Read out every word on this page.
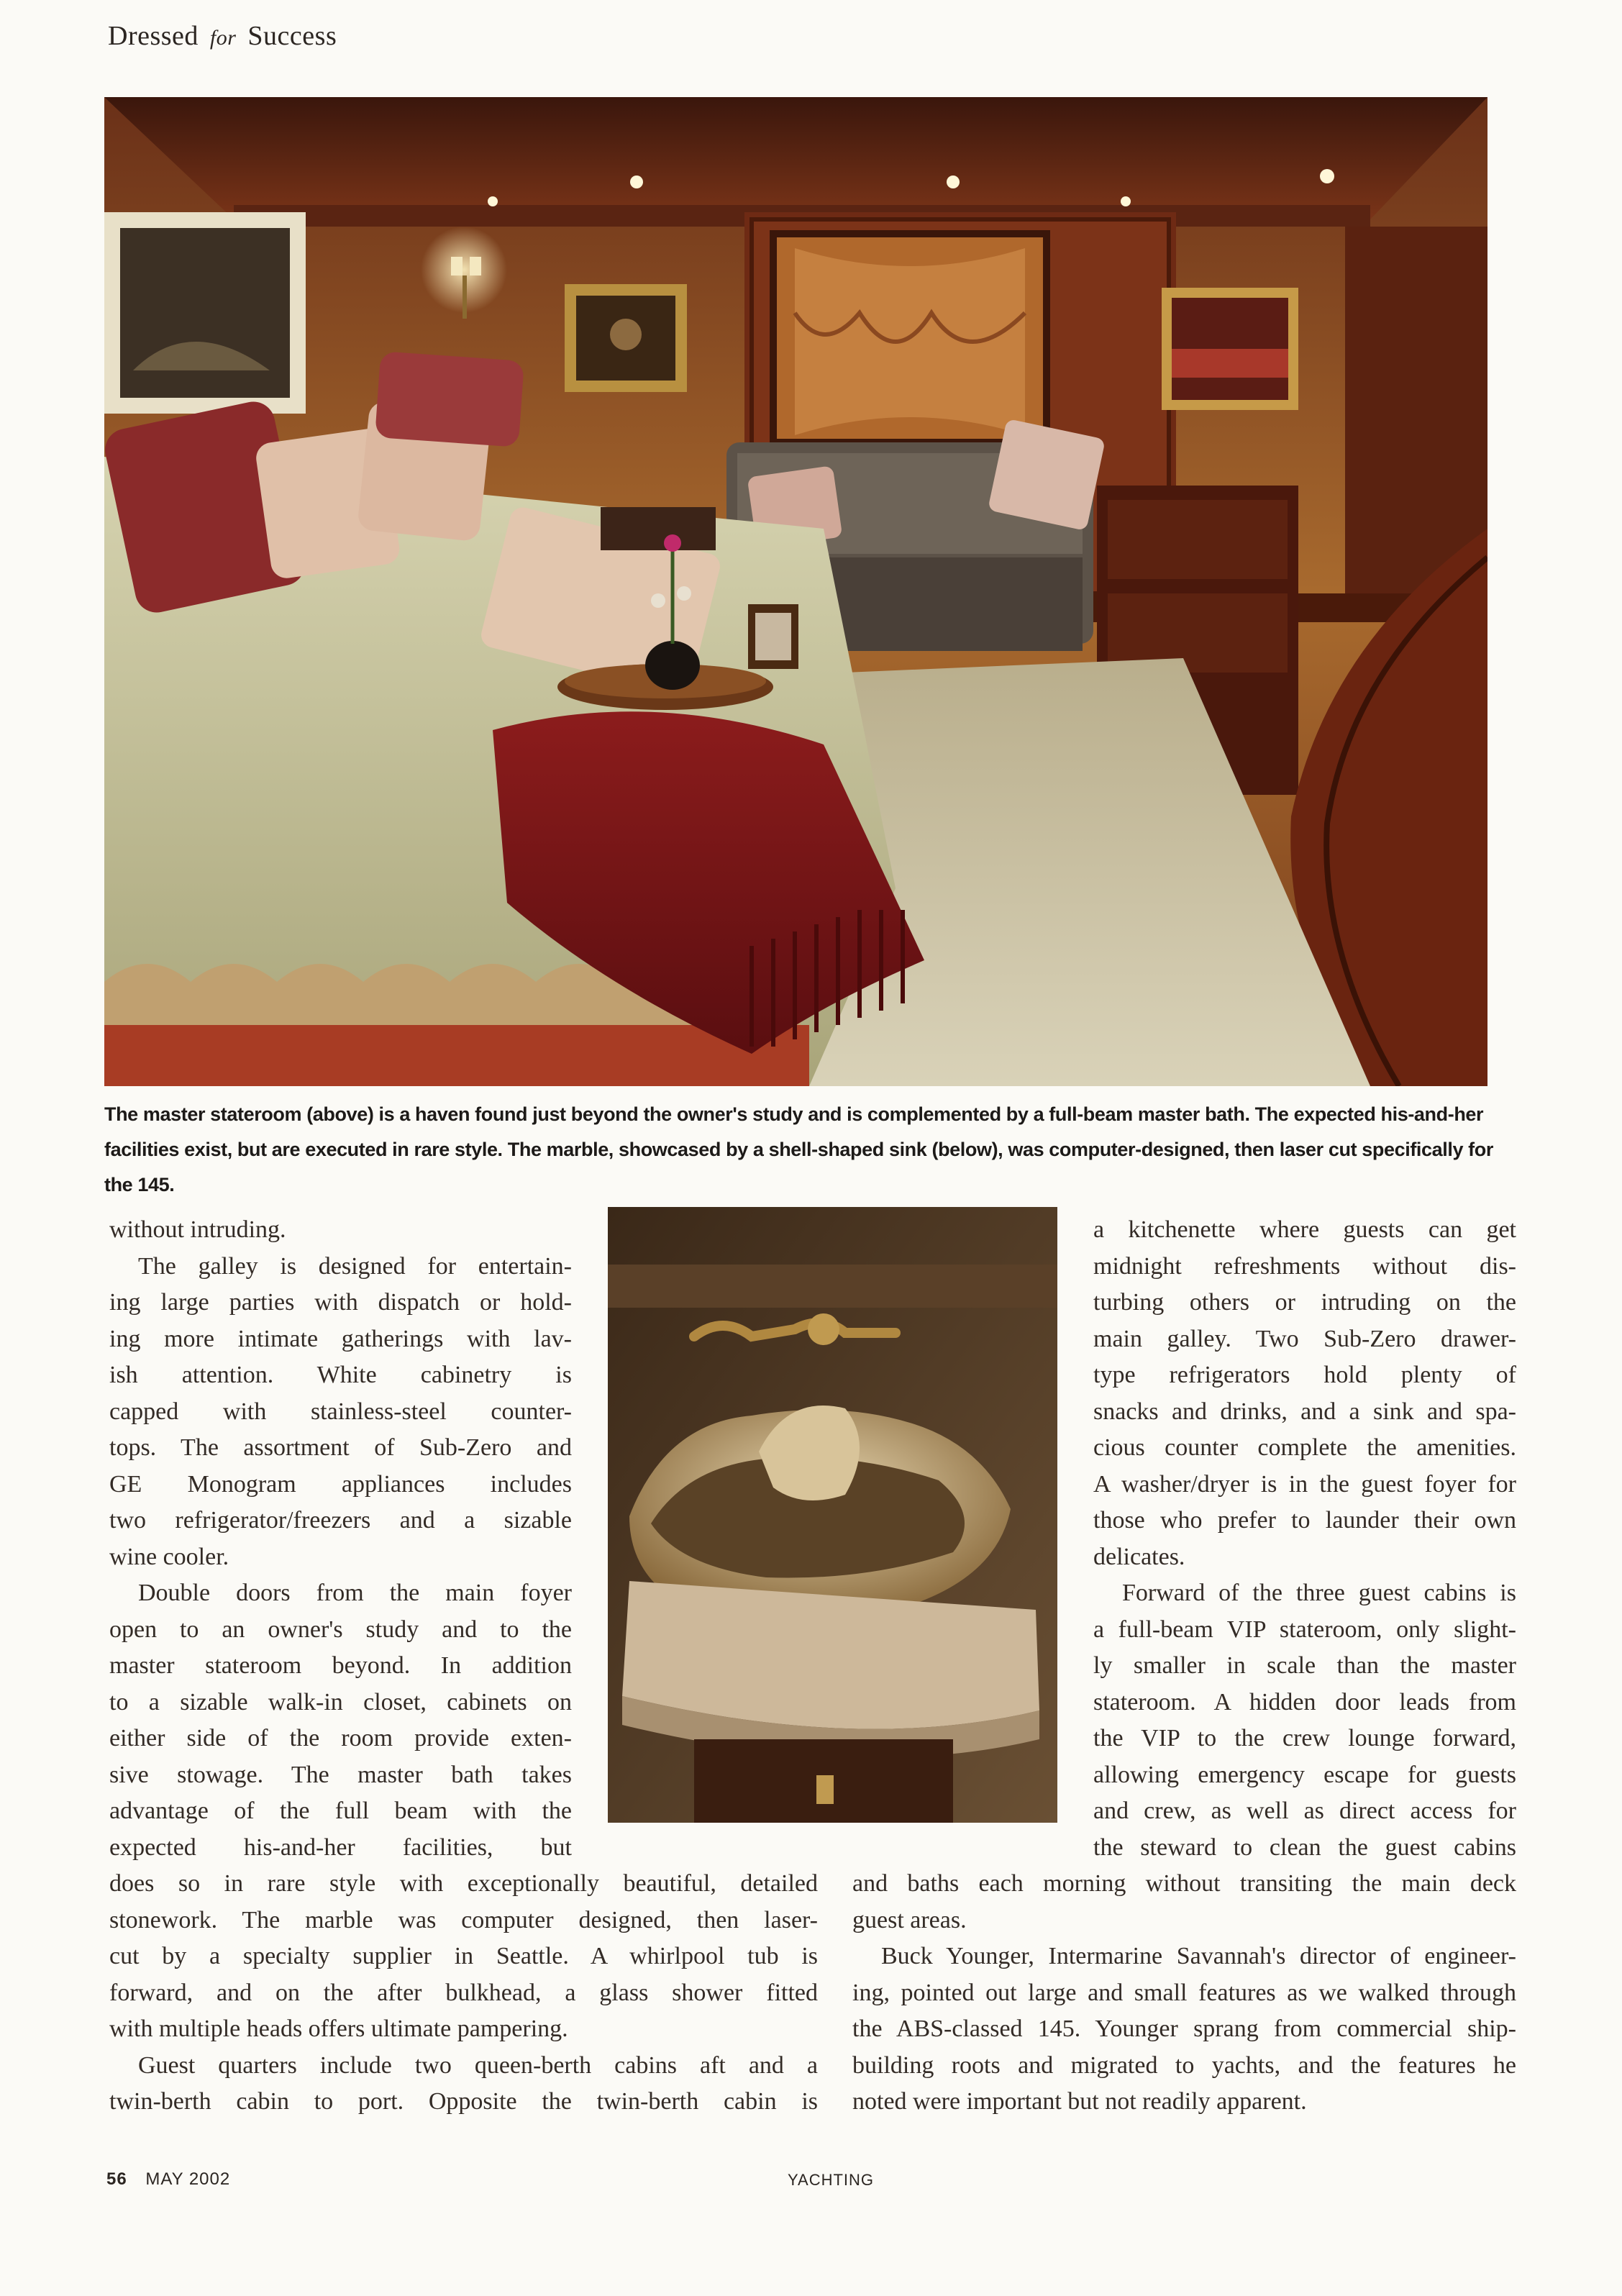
Dressed for Success
The master stateroom (above) is a haven found just beyond the owner's study and is complemented by a full-beam master bath. The expected his-and-her facilities exist, but are executed in rare style. The marble, showcased by a shell-shaped sink (below), was computer-designed, then laser cut specifically for the 145.
without intruding.
The galley is designed for entertain-
ing large parties with dispatch or hold-
ing more intimate gatherings with lav-
ish attention. White cabinetry is
capped with stainless-steel counter-
tops. The assortment of Sub-Zero and
GE Monogram appliances includes
two refrigerator/freezers and a sizable
wine cooler.
Double doors from the main foyer
open to an owner's study and to the
master stateroom beyond. In addition
to a sizable walk-in closet, cabinets on
either side of the room provide exten-
sive stowage. The master bath takes
advantage of the full beam with the
expected his-and-her facilities, but
does so in rare style with exceptionally beautiful, detailed
stonework. The marble was computer designed, then laser-
cut by a specialty supplier in Seattle. A whirlpool tub is
forward, and on the after bulkhead, a glass shower fitted
with multiple heads offers ultimate pampering.
Guest quarters include two queen-berth cabins aft and a
twin-berth cabin to port. Opposite the twin-berth cabin is
a kitchenette where guests can get
midnight refreshments without dis-
turbing others or intruding on the
main galley. Two Sub-Zero drawer-
type refrigerators hold plenty of
snacks and drinks, and a sink and spa-
cious counter complete the amenities.
A washer/dryer is in the guest foyer for
those who prefer to launder their own
delicates.
Forward of the three guest cabins is
a full-beam VIP stateroom, only slight-
ly smaller in scale than the master
stateroom. A hidden door leads from
the VIP to the crew lounge forward,
allowing emergency escape for guests
and crew, as well as direct access for
the steward to clean the guest cabins
and baths each morning without transiting the main deck
guest areas.
Buck Younger, Intermarine Savannah's director of engineer-
ing, pointed out large and small features as we walked through
the ABS-classed 145. Younger sprang from commercial ship-
building roots and migrated to yachts, and the features he
noted were important but not readily apparent.
56 MAY 2002	YACHTING
